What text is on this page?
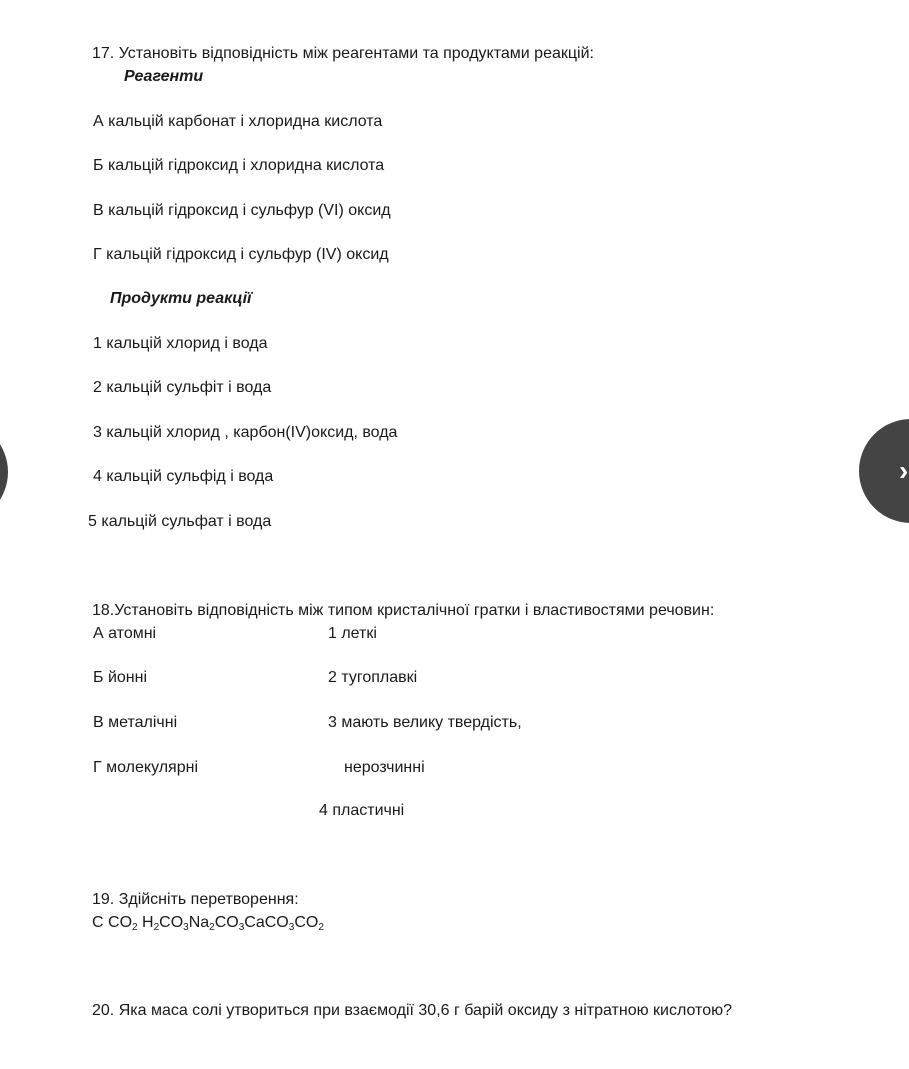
17. Установіть відповідність між реагентами та продуктами реакцій:
Реагенти
А кальцій карбонат і хлоридна кислота
Б кальцій гідроксид і хлоридна кислота
В кальцій гідроксид і сульфур (VI) оксид
Г кальцій гідроксид і сульфур (IV) оксид
Продукти реакції
1 кальцій хлорид і вода
2 кальцій сульфіт і вода
3 кальцій хлорид , карбон(IV)оксид, вода
4 кальцій сульфід і вода
5 кальцій сульфат і вода
18.Установіть відповідність між типом кристалічної гратки і властивостями речовин:
А атомні
Б йонні
В металічні
Г молекулярні
1 леткі
2 тугоплавкі
3 мають велику твердість,
нерозчинні
4 пластичні
19. Здійсніть перетворення:
C $CO_2$ $H_2CO_3Na_2CO_3CaCO_3CO_2$
20. Яка маса солі утвориться при взаємодії 30,6 г барій оксиду з нітратною кислотою?
›
